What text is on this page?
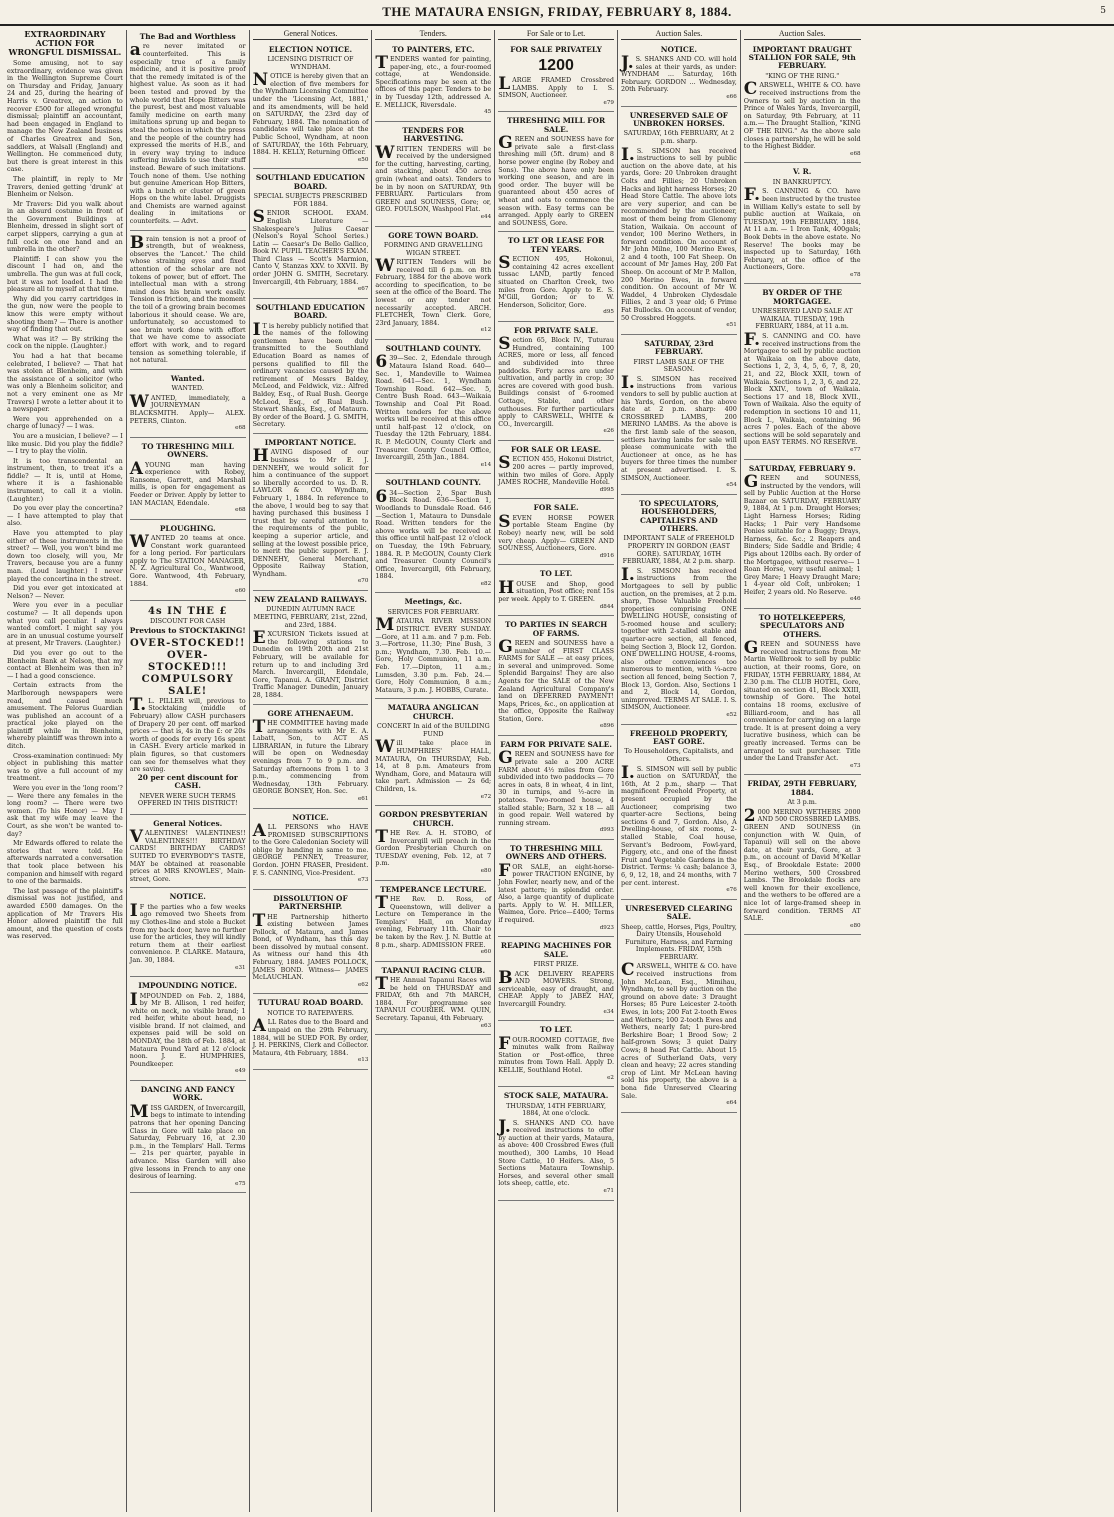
THE MATAURA ENSIGN, FRIDAY, FEBRUARY 8, 1884.	5
EXTRAORDINARY ACTION FOR WRONGFUL DISMISSAL.

Some amusing, not to say extraordinary, evidence was given in the Wellington Supreme Court on Thursday and Friday, January 24 and 25, during the hearing of Harris v. Greatrex, an action to recover £500 for alleged wrongful dismissal; plaintiff an accountant, had been engaged in England to manage the New Zealand business of Charles Greatrex and Son, saddlers, at Walsall (England) and Wellington. He commenced duty, but there is great interest in this case.

The plaintiff, in reply to Mr Travers, denied getting 'drunk' at Blenheim or Nelson.

Mr Travers: Did you walk about in an absurd costume in front of the Government Buildings at Blenheim, dressed in slight sort of carpet slippers, carrying a gun at full cock on one hand and an umbrella in the other?

Plaintiff: I can show you the discount I had on, and the umbrella. The gun was at full cock, but it was not loaded. I had the pleasure all to myself at that time.

Why did you carry cartridges in the gun, now were the people to know this were empty without shooting them? — There is another way of finding that out.

What was it? — By striking the cock on the nipple. (Laughter.)

You had a hat that became celebrated, I believe? — That hat was stolen at Blenheim, and with the assistance of a solicitor (who was only a Blenheim solicitor, and not a very eminent one as Mr Travers) I wrote a letter about it to a newspaper.

Were you apprehended on a charge of lunacy? — I was.

You are a musician, I believe? — I like music. Did you play the fiddle? — I try to play the violin.

It is too transcendental an instrument, then, to treat it's a fiddle? — It is, until at Home, where it is a fashionable instrument, to call it a violin. (Laughter.)

Do you ever play the concertina? — I have attempted to play that also.

Have you attempted to play either of these instruments in the street? — Well, you won't bind me down too closely, will you, Mr Travers, because you are a funny man. (Loud laughter.) I never played the concertina in the street.

Did you ever get intoxicated at Nelson? — Never.

Were you ever in a peculiar costume? — It all depends upon what you call peculiar. I always wanted comfort. I might say you are in an unusual costume yourself at present, Mr Travers. (Laughter.)

Did you ever go out to the Blenheim Bank at Nelson, that my contact at Blenheim was then in? — I had a good conscience.

Certain extracts from the Marlborough newspapers were read, and caused much amusement. The Pelorus Guardian was published an account of a practical joke played on the plaintiff while in Blenheim, whereby plaintiff was thrown into a ditch.

Cross-examination continued: My object in publishing this matter was to give a full account of my treatment.

Were you ever in the 'long room'? — Were there any females in the long room? — There were two women. (To his Honor) — May I ask that my wife may leave the Court, as she won't be wanted to-day?

Mr Edwards offered to relate the stories that were told. He afterwards narrated a conversation that took place between his companion and himself with regard to one of the barmaids.

The last passage of the plaintiff's dismissal was not justified, and awarded £500 damages. On the application of Mr Travers His Honor allowed plaintiff the full amount, and the question of costs was reserved.

The Bad and Worthless

are never imitated or counterfeited. This is especially true of a family medicine, and it is positive proof that the remedy imitated is of the highest value. As soon as it had been tested and proved by the whole world that Hope Bitters was the purest, best and most valuable family medicine on earth many imitations sprung up and began to steal the notices in which the press and the people of the country had expressed the merits of H.B., and in every way trying to induce suffering invalids to use their stuff instead. Beware of such imitations. Touch none of them. Use nothing but genuine American Hop Bitters, with a bunch or cluster of green Hops on the white label. Druggists and Chemists are warned against dealing in imitations or counterfeits. — Advt.

Brain tension is not a proof of strength, but of weakness, observes the 'Lancet.' The child whose straining eyes and fixed attention of the scholar are not tokens of power, but of effort. The intellectual man with a strong mind does his brain work easily. Tension is friction, and the moment the toil of a growing brain becomes laborious it should cease. We are, unfortunately, so accustomed to see brain work done with effort that we have come to associate effort with work, and to regard tension as something tolerable, if not natural.

Wanted.
WANTED.

WANTED, immediately, a JOURNEYMAN BLACKSMITH. Apply— ALEX. PETERS, Clinton.

e68
TO THRESHING MILL OWNERS.

AYOUNG man having experience with Robey, Ransome, Garrett, and Marshall mills, is open for engagement as Feeder or Driver. Apply by letter to IAN MACIAN, Edendale.

e68
PLOUGHING.

WANTED 20 teams at once. Constant work guaranteed for a long period. For particulars apply to The STATION MANAGER, N. Z. Agricultural Co., Wantwood, Gore. Wantwood, 4th February, 1884.

e60
4s IN THE £
DISCOUNT FOR CASH
Previous to STOCKTAKING!
OVER-STOCKED!!
OVER-STOCKED!!!
COMPULSORY SALE!

T.L. PILLER will, previous to Stocktaking (middle of February) allow CASH purchasers of Drapery 20 per cent. off marked prices — that is, 4s in the £: or 20s worth of goods for every 16s spent in CASH. Every article marked in plain figures, so that customers can see for themselves what they are saving.

20 per cent discount for CASH.
NEVER WERE SUCH TERMS OFFERED IN THIS DISTRICT!
General Notices.

VALENTINES! VALENTINES!! VALENTINES!!! BIRTHDAY CARDS! BIRTHDAY CARDS! SUITED TO EVERYBODY'S TASTE, MAY be obtained at reasonable prices at MRS KNOWLES', Main-street, Gore.

NOTICE.

IF the parties who a few weeks ago removed two Sheets from my Clothes-line and stole a Bucket from my back door, have no further use for the articles, they will kindly return them at their earliest convenience. P. CLARKE. Mataura, Jan. 30, 1884.

e31
IMPOUNDING NOTICE.

IMPOUNDED on Feb. 2, 1884, by Mr B. Allison, 1 red heifer, white on neck, no visible brand; 1 red heifer, white about head, no visible brand. If not claimed, and expenses paid will be sold on MONDAY, the 18th of Feb. 1884, at Mataura Pound Yard at 12 o'clock noon. J. E. HUMPHRIES, Poundkeeper.

e49
DANCING AND FANCY WORK.

MISS GARDEN, of Invercargill, begs to intimate to intending patrons that her opening Dancing Class in Gore will take place on Saturday, February 16, at 2.30 p.m., in the Templars' Hall. Terms — 21s per quarter, payable in advance. Miss Garden will also give lessons in French to any one desirous of learning.

e75
General Notices.
ELECTION NOTICE.
LICENSING DISTRICT OF WYNDHAM.

NOTICE is hereby given that an election of five members for the Wyndham Licensing Committee under the 'Licensing Act, 1881,' and its amendments, will be held on SATURDAY, the 23rd day of February, 1884. The nomination of candidates will take place at the Public School, Wyndham, at noon of SATURDAY, the 16th February, 1884. H. KELLY, Returning Officer.

e50
SOUTHLAND EDUCATION BOARD.
SPECIAL SUBJECTS PRESCRIBED FOR 1884.

SENIOR SCHOOL EXAM. English Literature — Shakespeare's Julius Caesar (Nelson's Royal School Series.) Latin — Caesar's De Bello Gallico, Book IV. PUPIL TEACHER'S EXAM. Third Class — Scott's Marmion, Canto V, Stanzas XXV. to XXVII. By order JOHN G. SMITH, Secretary. Invercargill, 4th February, 1884.

e67
SOUTHLAND EDUCATION BOARD.

IT is hereby publicly notified that the names of the following gentlemen have been duly transmitted to the Southland Education Board as names of persons qualified to fill the ordinary vacancies caused by the retirement of Messrs Baldey, McLeod, and Feldwick, viz.: Alfred Baldey, Esq., of Rual Bush. George McLeod, Esq., of Rual Bush. Stewart Shanks, Esq., of Mataura. By order of the Board. J. G. SMITH, Secretary.

IMPORTANT NOTICE.

HAVING disposed of our business to Mr E. J. DENNEHY, we would solicit for him a continuance of the support so liberally accorded to us. D. R. LAWLOR & CO. Wyndham, February 1, 1884. In reference to the above, I would beg to say that having purchased this business I trust that by careful attention to the requirements of the public, keeping a superior article, and selling at the lowest possible price, to merit the public support. E. J. DENNEHY, General Merchant, Opposite Railway Station, Wyndham.

e70
NEW ZEALAND RAILWAYS.
DUNEDIN AUTUMN RACE MEETING, FEBRUARY, 21st, 22nd, and 23rd, 1884.

EXCURSION Tickets issued at the following stations to Dunedin on 19th 20th and 21st February, will be available for return up to and including 3rd March. Invercargill, Edendale, Gore, Tapanui. A. GRANT, District Traffic Manager. Dunedin, January 28, 1884.

GORE ATHENAEUM.

THE COMMITTEE having made arrangements with Mr E. A. Labatt, Son, to ACT AS LIBRARIAN, in future the Library will be open on Wednesday evenings from 7 to 9 p.m. and Saturday afternoons from 1 to 3 p.m., commencing from Wednesday, 13th February. GEORGE BONSEY, Hon. Sec.

e61
NOTICE.

ALL PERSONS who HAVE PROMISED SUBSCRIPTIONS to the Gore Caledonian Society will oblige by handing in same to me. GEORGE PENNEY, Treasurer, Gordon. JOHN FRASER, President. F. S. CANNING, Vice-President.

e73
DISSOLUTION OF PARTNERSHIP.

THE Partnership hitherto existing between James Pollock, of Mataura, and James Bond, of Wyndham, has this day been dissolved by mutual consent. As witness our hand this 4th February, 1884. JAMES POLLOCK, JAMES BOND. Witness— JAMES McLAUCHLAN.

e62
TUTURAU ROAD BOARD.
NOTICE TO RATEPAYERS.

ALL Rates due to the Board and unpaid on the 29th February, 1884, will be SUED FOR. By order, J. H. PERKINS, Clerk and Collector. Mataura, 4th February, 1884.

e13
Tenders.
TO PAINTERS, ETC.

TENDERS wanted for painting, paper-ing, etc., a four-roomed cottage, at Wendonside. Specifications may be seen at the offices of this paper. Tenders to be in by Tuesday 12th, addressed A. E. MELLICK, Riversdale.

45
TENDERS FOR HARVESTING.

WRITTEN TENDERS will be received by the undersigned for the cutting, harvesting, carting, and stacking, about 450 acres grain (wheat and oats). Tenders to be in by noon on SATURDAY, 9th FEBRUARY. Particulars from GREEN and SOUNESS, Gore; or, GEO. FOULSON, Washpool Flat.

e44
GORE TOWN BOARD.
FORMING AND GRAVELLING WIGAN STREET.

WRITTEN Tenders will be received till 6 p.m. on 8th February, 1884 for the above work according to specification, to be seen at the office of the Board. The lowest or any tender not necessarily accepted. ARCH. FLETCHER, Town Clerk. Gore, 23rd January, 1884.

e12
SOUTHLAND COUNTY.

639—Sec. 2, Edendale through Mataura Island Road. 640—Sec. 1, Mandeville to Waimea Road. 641—Sec. 1, Wyndham Township Road. 642—Sec. 5, Centre Bush Road. 643—Waikaia Township and Coal Pit Road. Written tenders for the above works will be received at this office until half-past 12 o'clock, on Tuesday the 12th February, 1884. R. P. McGOUN, County Clerk and Treasurer. County Council Office, Invercargill, 25th Jan., 1884.

e14
SOUTHLAND COUNTY.

634—Section 2, Spar Bush Block Road. 636—Section 1, Woodlands to Dunsdale Road. 646—Section 1, Mataura to Dunsdale Road. Written tenders for the above works will be received at this office until half-past 12 o'clock on Tuesday, the 19th February, 1884. R. P. McGOUN, County Clerk and Treasurer. County Council's Office, Invercargill, 6th February, 1884.

e82
Meetings, &c.
SERVICES FOR FEBRUARY.

MATAURA RIVER MISSION DISTRICT. EVERY SUNDAY.—Gore, at 11 a.m. and 7 p.m. Feb. 3.—Fortrose, 11.30; Pine Bush, 3 p.m.; Wyndham, 7.30. Feb. 10.—Gore, Holy Communion, 11 a.m. Feb. 17.—Dipton, 11 a.m.; Lumsden, 3.30 p.m. Feb. 24.—Gore, Holy Communion, 8 a.m.; Mataura, 3 p.m. J. HOBBS, Curate.

MATAURA ANGLICAN CHURCH.
CONCERT In aid of the BUILDING FUND

Will take place in HUMPHRIES' HALL, MATAURA, On THURSDAY, Feb. 14, at 8 p.m. Amateurs from Wyndham, Gore, and Mataura will take part. Admission — 2s 6d; Children, 1s.

e72
GORDON PRESBYTERIAN CHURCH.

THE Rev. A. H. STOBO, of Invercargill will preach in the Gordon Presbyterian Church on TUESDAY evening, Feb. 12, at 7 p.m.

e80
TEMPERANCE LECTURE.

THE Rev. D. Ross, of Queenstown, will deliver a Lecture on Temperance in the Templars' Hall, on Monday evening, February 11th. Chair to be taken by the Rev. J. N. Buttle at 8 p.m., sharp. ADMISSION FREE.

e60
TAPANUI RACING CLUB.

THE Annual Tapanui Races will be held on THURSDAY and FRIDAY, 6th and 7th MARCH, 1884. For programme see TAPANUI COURIER. WM. QUIN, Secretary. Tapanui, 4th February.

e63
For Sale or to Let.
FOR SALE PRIVATELY
1200

LARGE FRAMED Crossbred LAMBS. Apply to I. S. SIMSON, Auctioneer.

e79
THRESHING MILL FOR SALE.

GREEN and SOUNESS have for private sale a first-class threshing mill (5ft. drum) and 8 horse power engine (by Robey and Sons). The above have only been working one season, and are in good order. The buyer will be guaranteed about 450 acres of wheat and oats to commence the season with. Easy terms can be arranged. Apply early to GREEN and SOUNESS, Gore.

TO LET OR LEASE FOR TEN YEARS.

SECTION 495, Hokonui, containing 42 acres excellent tussac LAND, partly fenced situated on Charlton Creek, two miles from Gore. Apply to E. S. M'Gill, Gordon; or to W. Henderson, Solicitor, Gore.

d95
FOR PRIVATE SALE.

Section 65, Block IV., Tuturau Hundred, containing 100 ACRES, more or less, all fenced and subdivided into three paddocks. Forty acres are under cultivation, and partly in crop; 30 acres are covered with good bush. Buildings consist of 6-roomed Cottage, Stable, and other outhouses. For further particulars apply to CARSWELL, WHITE & CO., Invercargill.

e26
FOR SALE OR LEASE.

SECTION 455, Hokonui District, 200 acres — partly improved, within two miles of Gore. Apply JAMES ROCHE, Mandeville Hotel.

d995
FOR SALE.

SEVEN HORSE POWER portable Steam Engine (by Robey) nearly new, will be sold very cheap. Apply— GREEN AND SOUNESS, Auctioneers, Gore.

d916
TO LET.

HOUSE and Shop, good situation, Post office; rent 15s per week. Apply to T. GREEN.

d844
TO PARTIES IN SEARCH OF FARMS.

GREEN and SOUNESS have a number of FIRST CLASS FARMS for SALE — at easy prices, in several and unimproved. Some Splendid Bargains! They are also Agents for the SALE of the New Zealand Agricultural Company's land on DEFERRED PAYMENT! Maps, Prices, &c., on application at the office, Opposite the Railway Station, Gore.

e896
FARM FOR PRIVATE SALE.

GREEN and SOUNESS have for private sale a 200 ACRE FARM about 4½ miles from Gore subdivided into two paddocks — 70 acres in oats, 8 in wheat, 4 in lint, 30 in turnips, and ½-acre in potatoes. Two-roomed house, 4 stalled stable; Barn, 32 x 18 — all in good repair. Well watered by running stream.

d993
TO THRESHING MILL OWNERS AND OTHERS.

FOR SALE, an eight-horse-power TRACTION ENGINE, by John Fowler, nearly new, and of the latest pattern; in splendid order. Also, a large quantity of duplicate parts. Apply to W. H. MILLER, Waimea, Gore. Price—£400; Terms if required.

d923
REAPING MACHINES FOR SALE.
FIRST PRIZE.

BACK DELIVERY REAPERS AND MOWERS. Strong, serviceable, easy of draught, and CHEAP. Apply to JABEZ HAY, Invercargill Foundry.

e34
TO LET.

FOUR-ROOMED COTTAGE, five minutes walk from Railway Station or Post-office, three minutes from Town Hall. Apply D. KELLIE, Southland Hotel.

e2
STOCK SALE, MATAURA.
THURSDAY, 14TH FEBRUARY, 1884, At one o'clock.

J.S. SHANKS AND CO. have received instructions to offer by auction at their yards, Mataura, as above: 400 Crossbred Ewes (full mouthed), 300 Lambs, 10 Head Store Cattle, 10 Heifers. Also, 5 Sections Mataura Township. Horses, and several other small lots sheep, cattle, etc.

e71
Auction Sales.
NOTICE.

J.S. SHANKS AND CO. will hold sales at their yards, as under: WYNDHAM ... Saturday, 16th February. GORDON ... Wednesday, 20th February.

e66
UNRESERVED SALE OF UNBROKEN HORSES.
SATURDAY, 16th FEBRUARY, At 2 p.m. sharp.

I.S. SIMSON has received instructions to sell by public auction on the above date, at his yards, Gore: 20 Unbroken draught Colts and Fillies; 20 Unbroken Hacks and light harness Horses; 20 Head Store Cattle. The above lots are very superior, and can be recommended by the auctioneer, most of them being from Glenomy Station, Waikaia. On account of vendor, 100 Merino Wethers, in forward condition. On account of Mr John Milne, 100 Merino Ewes, 2 and 4 tooth, 100 Fat Sheep. On account of Mr James Hay, 200 Fat Sheep. On account of Mr P. Mallon, 200 Merino Ewes, in forward condition. On account of Mr W. Waddel, 4 Unbroken Clydesdale Fillies, 2 and 3 year old; 6 Prime Fat Bullocks. On account of vendor, 50 Crossbred Hoggets.

e51
SATURDAY, 23rd FEBRUARY.
FIRST LAMB SALE OF THE SEASON.

I.S. SIMSON has received instructions from various vendors to sell by public auction at his Yards, Gordon, on the above date at 2 p.m. sharp: 400 CROSSBRED LAMBS, 200 MERINO LAMBS. As the above is the first lamb sale of the season, settlers having lambs for sale will please communicate with the Auctioneer at once, as he has buyers for three times the number at present advertised. I. S. SIMSON, Auctioneer.

e54
TO SPECULATORS, HOUSEHOLDERS, CAPITALISTS AND OTHERS.
IMPORTANT SALE of FREEHOLD PROPERTY IN GORDON (EAST GORE). SATURDAY, 16TH FEBRUARY, 1884, At 2 p.m. sharp.

I.S. SIMSON has received instructions from the Mortgagees to sell by public auction, on the premises, at 2 p.m. sharp, Those Valuable Freehold properties comprising ONE DWELLING HOUSE, consisting of 5-roomed house and scullery; together with 2-stalled stable and quarter-acre section, all fenced, being Section 3, Block 12, Gordon. ONE DWELLING HOUSE, 4-rooms, also other conveniences too numerous to mention, with ¼-acre section all fenced, being Section 7, Block 13, Gordon. Also, Sections 1 and 2, Block 14, Gordon, unimproved. TERMS AT SALE. I. S. SIMSON, Auctioneer.

e52
FREEHOLD PROPERTY, EAST GORE.
To Householders, Capitalists, and Others.

I.S. SIMSON will sell by public auction on SATURDAY, the 16th, At 2 p.m., sharp — That magnificent Freehold Property, at present occupied by the Auctioneer, comprising two quarter-acre Sections, being sections 6 and 7, Gordon. Also, A Dwelling-house, of six rooms, 2-stalled Stable, Coal house, Servant's Bedroom, Fowl-yard, Piggery, etc., and one of the finest Fruit and Vegetable Gardens in the District. Terms: ¼ cash; balance 3, 6, 9, 12, 18, and 24 months, with 7 per cent. interest.

e76
UNRESERVED CLEARING SALE.
Sheep, cattle, Horses, Pigs, Poultry, Dairy Utensils, Household Furniture, Harness, and Farming Implements. FRIDAY, 15th FEBRUARY.

CARSWELL, WHITE & CO. have received instructions from John McLean, Esq., Mimihau, Wyndham, to sell by auction on the ground on above date: 3 Draught Horses; 85 Pure Leicester 2-tooth Ewes, in lots; 200 Fat 2-tooth Ewes and Wethers; 100 2-tooth Ewes and Wethers, nearly fat; 1 pure-bred Berkshire Boar; 1 Brood Sow; 2 half-grown Sows; 3 quiet Dairy Cows; 8 head Fat Cattle. About 15 acres of Sutherland Oats, very clean and heavy; 22 acres standing crop of Lint. Mr McLean having sold his property, the above is a bona fide Unreserved Clearing Sale.

e64
Auction Sales.
IMPORTANT DRAUGHT STALLION FOR SALE, 9th FEBRUARY.
"KING OF THE RING."

CARSWELL, WHITE & CO. have received instructions from the Owners to sell by auction in the Prince of Wales Yards, Invercargill, on Saturday, 9th February, at 11 a.m.— The Draught Stallion, "KING OF THE RING." As the above sale closes a partnership, he will be sold to the Highest Bidder.

e68
V. R.
IN BANKRUPTCY.

F.S. CANNING & CO. have been instructed by the trustee in William Kelly's estate to sell by public auction at Waikaia, on TUESDAY, 19th FEBRUARY, 1884, At 11 a.m. — 1 Iron Tank, 400gals; Book Debts in the above estate. No Reserve! The books may be inspected up to Saturday, 16th February, at the office of the Auctioneers, Gore.

e78
BY ORDER OF THE MORTGAGEE.
UNRESERVED LAND SALE AT WAIKAIA. TUESDAY, 19th FEBRUARY, 1884, at 11 a.m.

F.S. CANNING and CO. have received instructions from the Mortgagee to sell by public auction at Waikaia on the above date, Sections 1, 2, 3, 4, 5, 6, 7, 8, 20, 21, and 22, Block XXII, town of Waikaia. Sections 1, 2, 3, 6, and 22, Block XXIV., town of Waikaia. Sections 17 and 18, Block XVII., Town of Waikaia. Also the equity of redemption in sections 10 and 11, Block I., Waikaia, containing 96 acres 7 poles. Each of the above sections will be sold separately and upon EASY TERMS. NO RESERVE.

e77
SATURDAY, FEBRUARY 9.

GREEN and SOUNESS, instructed by the vendors, will sell by Public Auction at the Horse Bazaar on SATURDAY, FEBRUARY 9, 1884, At 1 p.m. Draught Horses; Light Harness Horses; Riding Hacks; 1 Pair very Handsome Ponies suitable for a Buggy; Drays, Harness, &c. &c.; 2 Reapers and Binders; Side Saddle and Bridle; 4 Pigs about 120lbs each. By order of the Mortgagee, without reserve— 1 Roan Horse, very useful animal; 1 Grey Mare; 1 Heavy Draught Mare; 1 4-year old Colt, unbroken; 1 Heifer, 2 years old. No Reserve.

e46
TO HOTELKEEPERS, SPECULATORS AND OTHERS.

GREEN and SOUNESS have received instructions from Mr Martin Wellbrook to sell by public auction, at their rooms, Gore, on FRIDAY, 15TH FEBRUARY, 1884, At 2.30 p.m. The CLUB HOTEL, Gore, situated on section 41, Block XXIII, township of Gore. The hotel contains 18 rooms, exclusive of Billiard-room, and has all convenience for carrying on a large trade. It is at present doing a very lucrative business, which can be greatly increased. Terms can be arranged to suit purchaser. Title under the Land Transfer Act.

e73
FRIDAY, 29TH FEBRUARY, 1884.
At 3 p.m.

2000 MERINO WETHERS 2000 AND 500 CROSSBRED LAMBS. GREEN AND SOUNESS (in conjunction with W. Quin, of Tapanui) will sell on the above date, at their yards, Gore, at 3 p.m., on account of David M'Kellar Esq., of Brookdale Estate: 2000 Merino wethers, 500 Crossbred Lambs. The Brookdale flocks are well known for their excellence, and the wethers to be offered are a nice lot of large-framed sheep in forward condition. TERMS AT SALE.

e80
